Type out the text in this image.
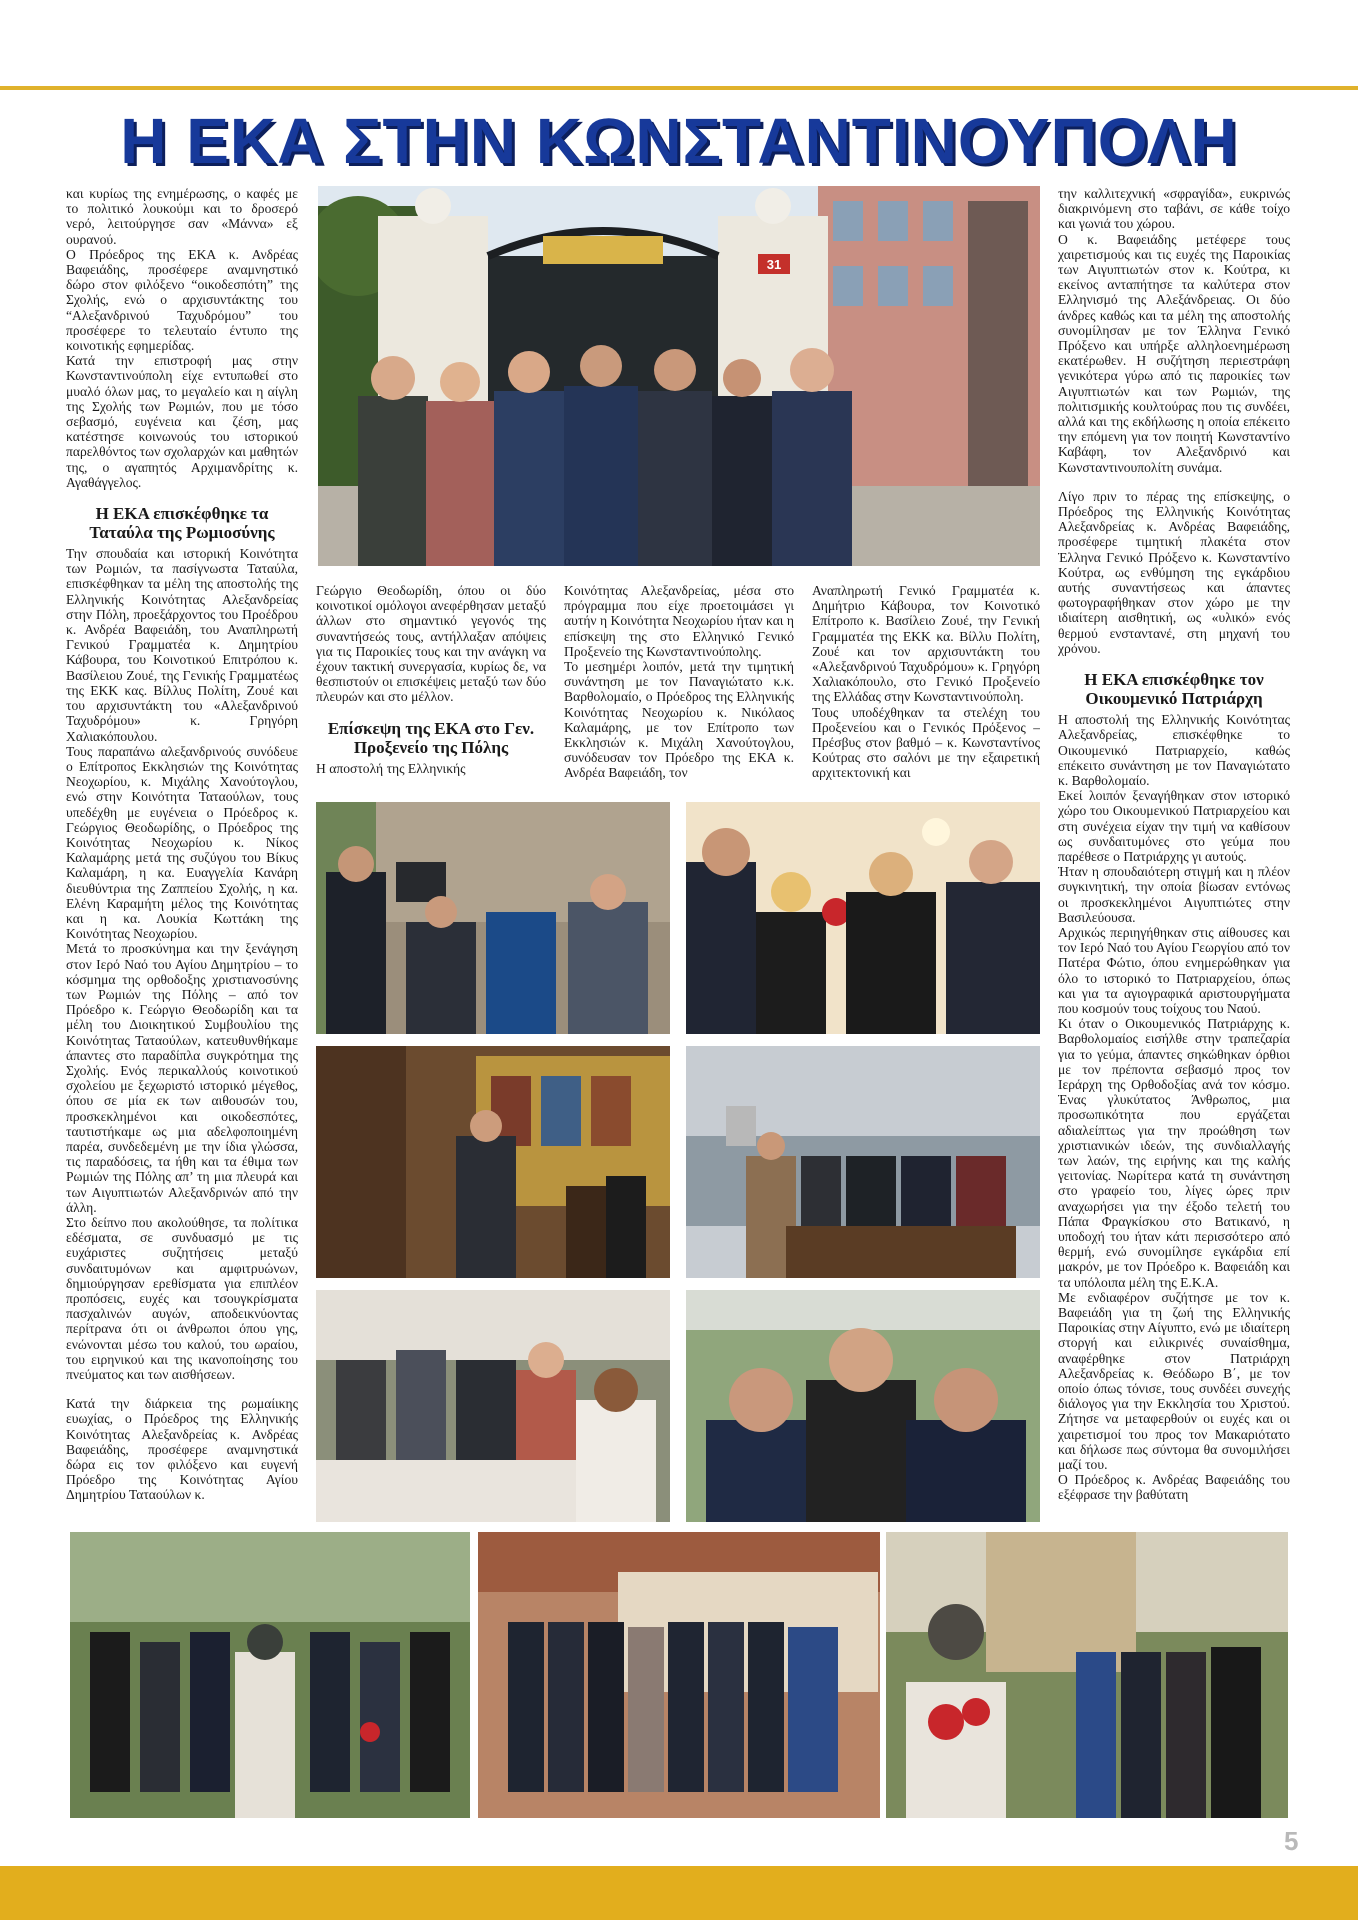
Η ΕΚΑ ΣΤΗΝ ΚΩΝΣΤΑΝΤΙΝΟΥΠΟΛΗ

και κυρίως της ενημέρωσης, ο καφές με το πολιτικό λουκούμι και το δροσερό νερό, λειτούργησε σαν «Μάννα» εξ ουρανού.

Ο Πρόεδρος της ΕΚΑ κ. Ανδρέας Βαφειάδης, προσέφερε αναμνηστικό δώρο στον φιλόξενο “οικοδεσπότη” της Σχολής, ενώ ο αρχισυντάκτης του “Αλεξανδρινού Ταχυδρόμου” του προσέφερε το τελευταίο έντυπο της κοινοτικής εφημερίδας.

Κατά την επιστροφή μας στην Κωνσταντινούπολη είχε εντυπωθεί στο μυαλό όλων μας, το μεγαλείο και η αίγλη της Σχολής των Ρωμιών, που με τόσο σεβασμό, ευγένεια και ζέση, μας κατέστησε κοινωνούς του ιστορικού παρελθόντος των σχολαρχών και μαθητών της, ο αγαπητός Αρχιμανδρίτης κ. Αγαθάγγελος.

Η ΕΚΑ επισκέφθηκε τα Ταταύλα της Ρωμιοσύνης

Την σπουδαία και ιστορική Κοινότητα των Ρωμιών, τα πασίγνωστα Ταταύλα, επισκέφθηκαν τα μέλη της αποστολής της Ελληνικής Κοινότητας Αλεξανδρείας στην Πόλη, προεξάρχοντος του Προέδρου κ. Ανδρέα Βαφειάδη, του Αναπληρωτή Γενικού Γραμματέα κ. Δημητρίου Κάβουρα, του Κοινοτικού Επιτρόπου κ. Βασίλειου Ζουέ, της Γενικής Γραμματέως της ΕΚΚ κας. Βίλλυς Πολίτη, Ζουέ και του αρχισυντάκτη του «Αλεξανδρινού Ταχυδρόμου» κ. Γρηγόρη Χαλιακόπουλου.

Τους παραπάνω αλεξανδρινούς συνόδευε ο Επίτροπος Εκκλησιών της Κοινότητας Νεοχωρίου, κ. Μιχάλης Χανούτογλου, ενώ στην Κοινότητα Ταταούλων, τους υπεδέχθη με ευγένεια ο Πρόεδρος κ. Γεώργιος Θεοδωρίδης, ο Πρόεδρος της Κοινότητας Νεοχωρίου κ. Νίκος Καλαμάρης μετά της συζύγου του Βίκυς Καλαμάρη, η κα. Ευαγγελία Κανάρη διευθύντρια της Ζαππείου Σχολής, η κα. Ελένη Καραμήτη μέλος της Κοινότητας και η κα. Λουκία Κωττάκη της Κοινότητας Νεοχωρίου.

Μετά το προσκύνημα και την ξενάγηση στον Ιερό Ναό του Αγίου Δημητρίου – το κόσμημα της ορθοδοξης χριστιανοσύνης των Ρωμιών της Πόλης – από τον Πρόεδρο κ. Γεώργιο Θεοδωρίδη και τα μέλη του Διοικητικού Συμβουλίου της Κοινότητας Ταταούλων, κατευθυνθήκαμε άπαντες στο παραδίπλα συγκρότημα της Σχολής. Ενός περικαλλούς κοινοτικού σχολείου με ξεχωριστό ιστορικό μέγεθος, όπου σε μία εκ των αιθουσών του, προσκεκλημένοι και οικοδεσπότες, ταυτιστήκαμε ως μια αδελφοποιημένη παρέα, συνδεδεμένη με την ίδια γλώσσα, τις παραδόσεις, τα ήθη και τα έθιμα των Ρωμιών της Πόλης απ’ τη μια πλευρά και των Αιγυπτιωτών Αλεξανδρινών από την άλλη.

Στο δείπνο που ακολούθησε, τα πολίτικα εδέσματα, σε συνδυασμό με τις ευχάριστες συζητήσεις μεταξύ συνδαιτυμόνων και αμφιτρυώνων, δημιούργησαν ερεθίσματα για επιπλέον προπόσεις, ευχές και τσουγκρίσματα πασχαλινών αυγών, αποδεικνύοντας περίτρανα ότι οι άνθρωποι όπου γης, ενώνονται μέσω του καλού, του ωραίου, του ειρηνικού και της ικανοποίησης του πνεύματος και των αισθήσεων.

Κατά την διάρκεια της ρωμαίικης ευωχίας, ο Πρόεδρος της Ελληνικής Κοινότητας Αλεξανδρείας κ. Ανδρέας Βαφειάδης, προσέφερε αναμνηστικά δώρα εις τον φιλόξενο και ευγενή Πρόεδρο της Κοινότητας Αγίου Δημητρίου Ταταούλων κ.

Γεώργιο Θεοδωρίδη, όπου οι δύο κοινοτικοί ομόλογοι ανεφέρθησαν μεταξύ άλλων στο σημαντικό γεγονός της συναντήσεώς τους, αντήλλαξαν απόψεις για τις Παροικίες τους και την ανάγκη να έχουν τακτική συνεργασία, κυρίως δε, να θεσπιστούν οι επισκέψεις μεταξύ των δύο πλευρών και στο μέλλον.

Επίσκεψη της ΕΚΑ στο Γεν. Προξενείο της Πόλης

Η αποστολή της Ελληνικής

Κοινότητας Αλεξανδρείας, μέσα στο πρόγραμμα που είχε προετοιμάσει γι αυτήν η Κοινότητα Νεοχωρίου ήταν και η επίσκεψη της στο Ελληνικό Γενικό Προξενείο της Κωνσταντινούπολης.

Το μεσημέρι λοιπόν, μετά την τιμητική συνάντηση με τον Παναγιώτατο κ.κ. Βαρθολομαίο, ο Πρόεδρος της Ελληνικής Κοινότητας Νεοχωρίου κ. Νικόλαος Καλαμάρης, με τον Επίτροπο των Εκκλησιών κ. Μιχάλη Χανούτογλου, συνόδευσαν τον Πρόεδρο της ΕΚΑ κ. Ανδρέα Βαφειάδη, τον

Αναπληρωτή Γενικό Γραμματέα κ. Δημήτριο Κάβουρα, τον Κοινοτικό Επίτροπο κ. Βασίλειο Ζουέ, την Γενική Γραμματέα της ΕΚΚ κα. Βίλλυ Πολίτη, Ζουέ και τον αρχισυντάκτη του «Αλεξανδρινού Ταχυδρόμου» κ. Γρηγόρη Χαλιακόπουλο, στο Γενικό Προξενείο της Ελλάδας στην Κωνσταντινούπολη.

Τους υποδέχθηκαν τα στελέχη του Προξενείου και ο Γενικός Πρόξενος – Πρέσβυς στον βαθμό – κ. Κωνσταντίνος Κούτρας στο σαλόνι με την εξαιρετική αρχιτεκτονική και

την καλλιτεχνική «σφραγίδα», ευκρινώς διακρινόμενη στο ταβάνι, σε κάθε τοίχο και γωνιά του χώρου.

Ο κ. Βαφειάδης μετέφερε τους χαιρετισμούς και τις ευχές της Παροικίας των Αιγυπτιωτών στον κ. Κούτρα, κι εκείνος ανταπήτησε τα καλύτερα στον Ελληνισμό της Αλεξάνδρειας. Οι δύο άνδρες καθώς και τα μέλη της αποστολής συνομίλησαν με τον Έλληνα Γενικό Πρόξενο και υπήρξε αλληλοενημέρωση εκατέρωθεν. Η συζήτηση περιεστράφη γενικότερα γύρω από τις παροικίες των Αιγυπτιωτών και των Ρωμιών, της πολιτισμικής κουλτούρας που τις συνδέει, αλλά και της εκδήλωσης η οποία επέκειτο την επόμενη για τον ποιητή Κωνσταντίνο Καβάφη, τον Αλεξανδρινό και Κωνσταντινουπολίτη συνάμα.

Λίγο πριν το πέρας της επίσκεψης, ο Πρόεδρος της Ελληνικής Κοινότητας Αλεξανδρείας κ. Ανδρέας Βαφειάδης, προσέφερε τιμητική πλακέτα στον Έλληνα Γενικό Πρόξενο κ. Κωνσταντίνο Κούτρα, ως ενθύμηση της εγκάρδιου αυτής συναντήσεως και άπαντες φωτογραφήθηκαν στον χώρο με την ιδιαίτερη αισθητική, ως «υλικό» ενός θερμού ενσταντανέ, στη μηχανή του χρόνου.

Η ΕΚΑ επισκέφθηκε τον Οικουμενικό Πατριάρχη

Η αποστολή της Ελληνικής Κοινότητας Αλεξανδρείας, επισκέφθηκε το Οικουμενικό Πατριαρχείο, καθώς επέκειτο συνάντηση με τον Παναγιώτατο κ. Βαρθολομαίο.

Εκεί λοιπόν ξεναγήθηκαν στον ιστορικό χώρο του Οικουμενικού Πατριαρχείου και στη συνέχεια είχαν την τιμή να καθίσουν ως συνδαιτυμόνες στο γεύμα που παρέθεσε ο Πατριάρχης γι αυτούς.

Ήταν η σπουδαιότερη στιγμή και η πλέον συγκινητική, την οποία βίωσαν εντόνως οι προσκεκλημένοι Αιγυπτιώτες στην Βασιλεύουσα.

Αρχικώς περιηγήθηκαν στις αίθουσες και τον Ιερό Ναό του Αγίου Γεωργίου από τον Πατέρα Φώτιο, όπου ενημερώθηκαν για όλο το ιστορικό το Πατριαρχείου, όπως και για τα αγιογραφικά αριστουργήματα που κοσμούν τους τοίχους του Ναού.

Κι όταν ο Οικουμενικός Πατριάρχης κ. Βαρθολομαίος εισήλθε στην τραπεζαρία για το γεύμα, άπαντες σηκώθηκαν όρθιοι με τον πρέποντα σεβασμό προς τον Ιεράρχη της Ορθοδοξίας ανά τον κόσμο. Ένας γλυκύτατος Άνθρωπος, μια προσωπικότητα που εργάζεται αδιαλείπτως για την προώθηση των χριστιανικών ιδεών, της συνδιαλλαγής των λαών, της ειρήνης και της καλής γειτονίας. Νωρίτερα κατά τη συνάντηση στο γραφείο του, λίγες ώρες πριν αναχωρήσει για την έξοδο τελετή του Πάπα Φραγκίσκου στο Βατικανό, η υποδοχή του ήταν κάτι περισσότερο από θερμή, ενώ συνομίλησε εγκάρδια επί μακρόν, με τον Πρόεδρο κ. Βαφειάδη και τα υπόλοιπα μέλη της Ε.Κ.Α.

Με ενδιαφέρον συζήτησε με τον κ. Βαφειάδη για τη ζωή της Ελληνικής Παροικίας στην Αίγυπτο, ενώ με ιδιαίτερη στοργή και ειλικρινές συναίσθημα, αναφέρθηκε στον Πατριάρχη Αλεξανδρείας κ. Θεόδωρο Β΄, με τον οποίο όπως τόνισε, τους συνδέει συνεχής διάλογος για την Εκκλησία του Χριστού. Ζήτησε να μεταφερθούν οι ευχές και οι χαιρετισμοί του προς τον Μακαριότατο και δήλωσε πως σύντομα θα συνομιλήσει μαζί του.

Ο Πρόεδρος κ. Ανδρέας Βαφειάδης του εξέφρασε την βαθύτατη

31
5
